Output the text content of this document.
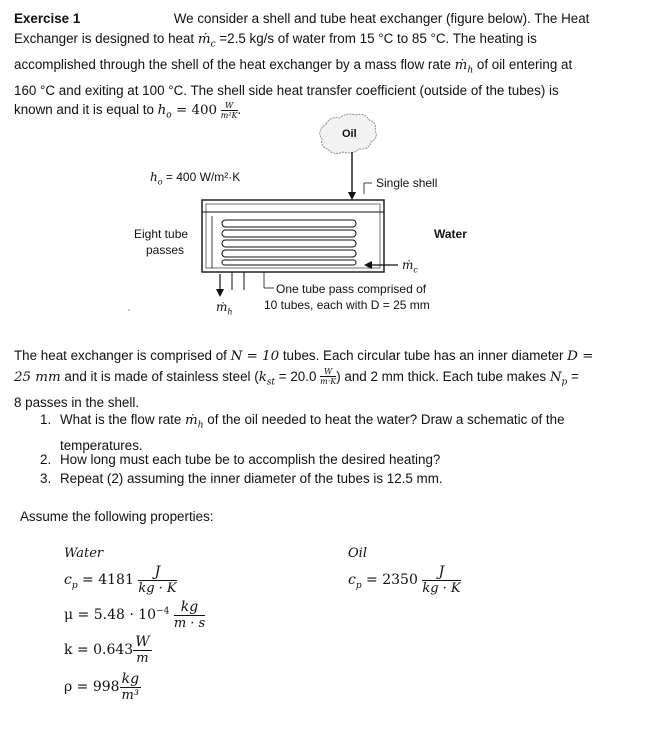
Exercise 1	We consider a shell and tube heat exchanger (figure below). The Heat
Exchanger is designed to heat ṁ$_c$ =2.5 kg/s of water from 15 °C to 85 °C. The heating is
accomplished through the shell of the heat exchanger by a mass flow rate ṁ$_h$ of oil entering at
160 °C and exiting at 100 °C. The shell side heat transfer coefficient (outside of the tubes) is
known and it is equal to $h_o = 400 \frac{W}{\text{m²K}}$ .
Oil
$h_o = 400$ W/m²·K	Single shell
Eight tube
passes
Water
ṁ$_c$
ṁ$_h$
One tube pass comprised of
10 tubes, each with D = 25 mm
The heat exchanger is comprised of N = 10 tubes. Each circular tube has an inner diameter D =
25 mm and it is made of stainless steel ($k_{st} = 20.0 \frac{W}{m\cdot K}$ ) and 2 mm thick. Each tube makes $N_p$ =
8 passes in the shell.
1. What is the flow rate ṁ$_h$ of the oil needed to heat the water? Draw a schematic of the
temperatures.
2. How long must each tube be to accomplish the desired heating?
3. Repeat (2) assuming the inner diameter of the tubes is 12.5 mm.
Assume the following properties:
Water
$c_p = 4181 \frac{J}{kg \cdot K}$
$\mu = 5.48 \cdot 10^{-4} \frac{kg}{m \cdot s}$
$k = 0.643 \frac{W}{m}$
$\rho = 998 \frac{kg}{\text{m³}}$
Oil
$c_p = 2350 \frac{J}{kg \cdot K}$
